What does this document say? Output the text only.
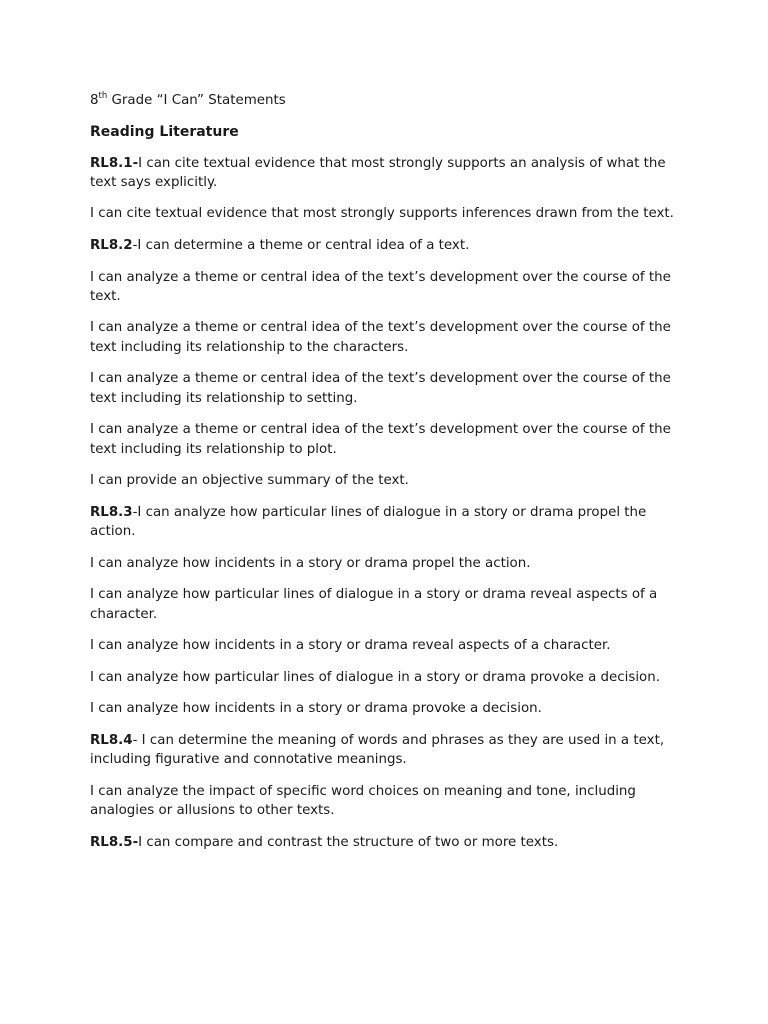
8th Grade “I Can” Statements
Reading Literature
RL8.1-I can cite textual evidence that most strongly supports an analysis of what the text says explicitly.
I can cite textual evidence that most strongly supports inferences drawn from the text.
RL8.2-I can determine a theme or central idea of a text.
I can analyze a theme or central idea of the text’s development over the course of the text.
I can analyze a theme or central idea of the text’s development over the course of the text including its relationship to the characters.
I can analyze a theme or central idea of the text’s development over the course of the text including its relationship to setting.
I can analyze a theme or central idea of the text’s development over the course of the text including its relationship to plot.
I can provide an objective summary of the text.
RL8.3-I can analyze how particular lines of dialogue in a story or drama propel the action.
I can analyze how incidents in a story or drama propel the action.
I can analyze how particular lines of dialogue in a story or drama reveal aspects of a character.
I can analyze how incidents in a story or drama reveal aspects of a character.
I can analyze how particular lines of dialogue in a story or drama provoke a decision.
I can analyze how incidents in a story or drama provoke a decision.
RL8.4- I can determine the meaning of words and phrases as they are used in a text, including figurative and connotative meanings.
I can analyze the impact of specific word choices on meaning and tone, including analogies or allusions to other texts.
RL8.5-I can compare and contrast the structure of two or more texts.
